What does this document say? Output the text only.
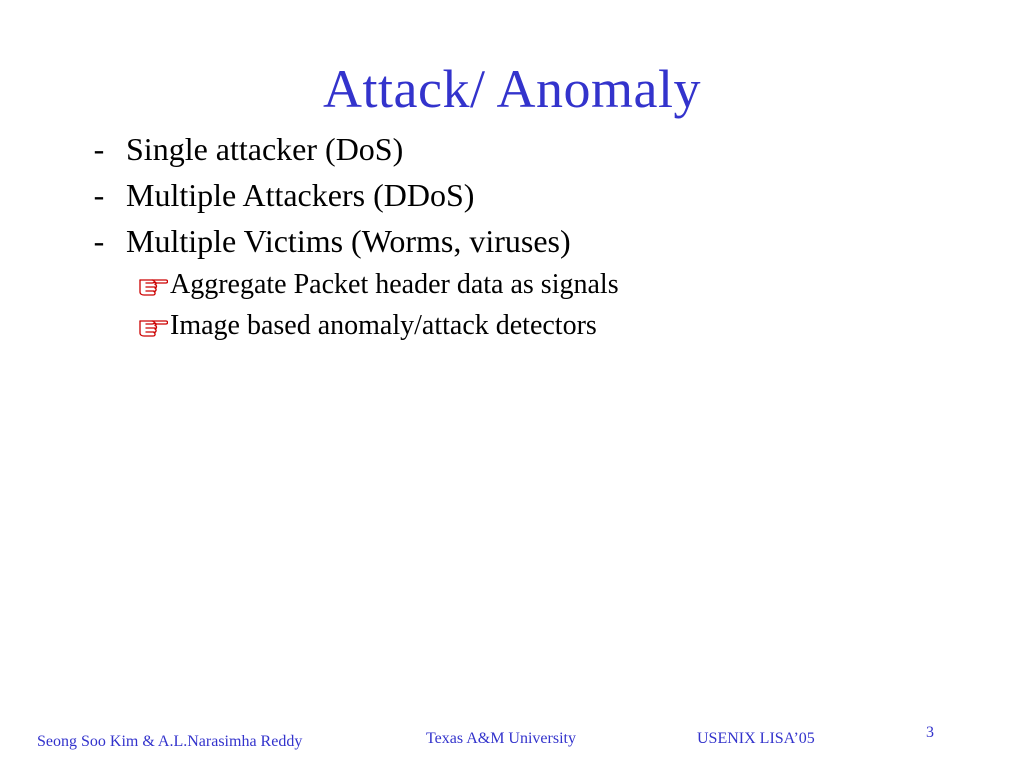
Attack/ Anomaly
- Single attacker (DoS)
- Multiple Attackers (DDoS)
- Multiple Victims (Worms, viruses)
Aggregate Packet header data as signals
Image based anomaly/attack detectors
Seong Soo Kim & A.L.Narasimha Reddy	Texas A&M University	USENIX LISA’05	3
